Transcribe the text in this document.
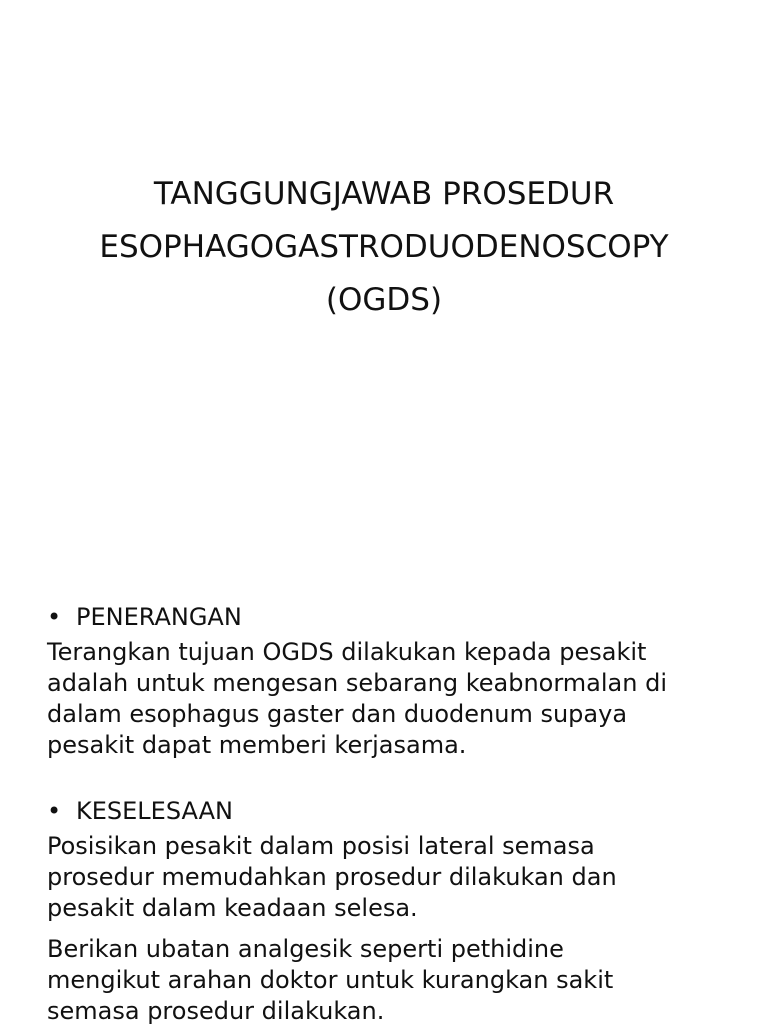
TANGGUNGJAWAB PROSEDUR
ESOPHAGOGASTRODUODENOSCOPY
(OGDS)
• PENERANGAN

Terangkan tujuan OGDS dilakukan kepada pesakit
adalah untuk mengesan sebarang keabnormalan di
dalam esophagus gaster dan duodenum supaya
pesakit dapat memberi kerjasama.

• KESELESAAN

Posisikan pesakit dalam posisi lateral semasa
prosedur memudahkan prosedur dilakukan dan
pesakit dalam keadaan selesa.

Berikan ubatan analgesik seperti pethidine
mengikut arahan doktor untuk kurangkan sakit
semasa prosedur dilakukan.
